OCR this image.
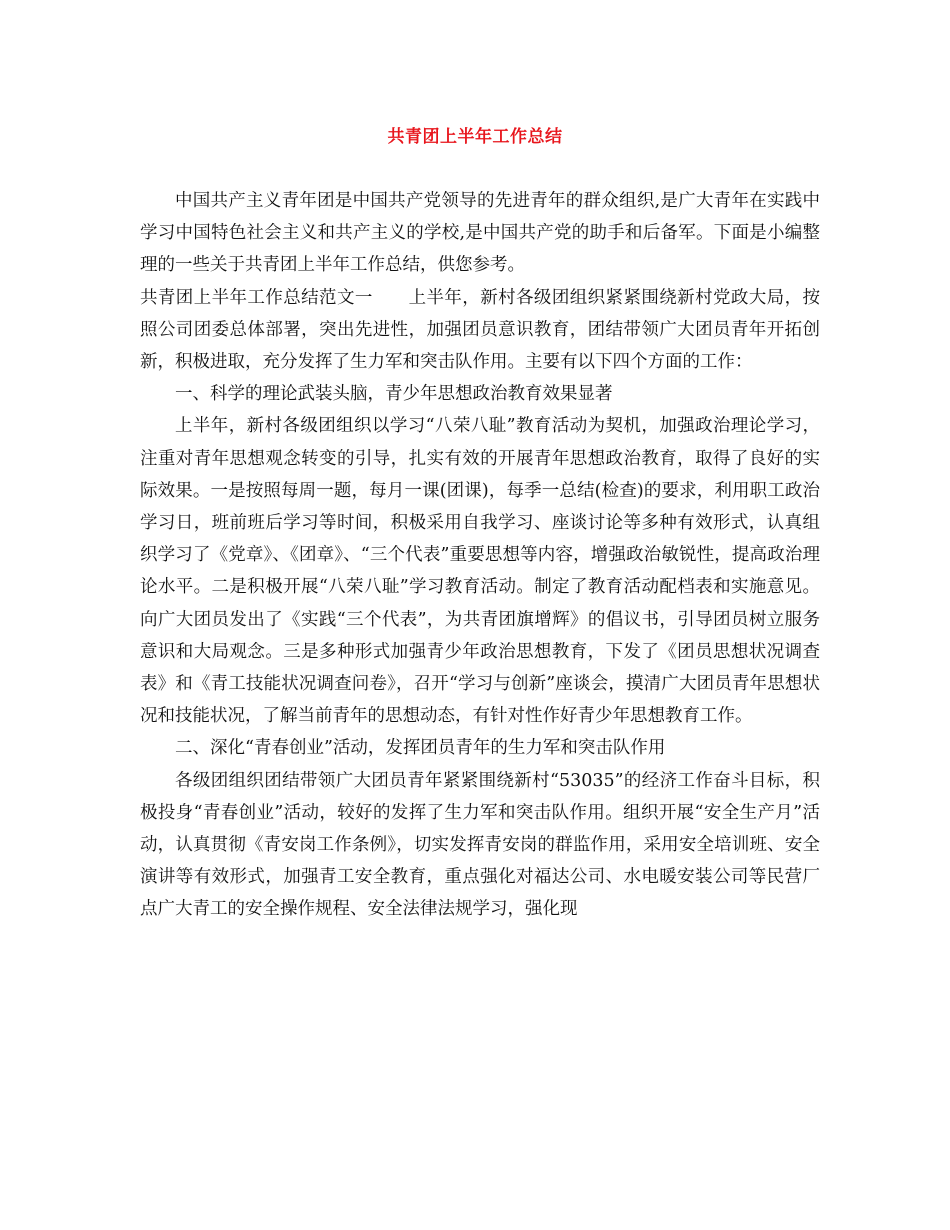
共青团上半年工作总结

中国共产主义青年团是中国共产党领导的先进青年的群众组织,是广大青年在实践中学习中国特色社会主义和共产主义的学校,是中国共产党的助手和后备军。下面是小编整理的一些关于共青团上半年工作总结，供您参考。

共青团上半年工作总结范文一　　上半年，新村各级团组织紧紧围绕新村党政大局，按照公司团委总体部署，突出先进性，加强团员意识教育，团结带领广大团员青年开拓创新，积极进取，充分发挥了生力军和突击队作用。主要有以下四个方面的工作：

一、科学的理论武装头脑，青少年思想政治教育效果显著

上半年，新村各级团组织以学习“八荣八耻”教育活动为契机，加强政治理论学习，注重对青年思想观念转变的引导，扎实有效的开展青年思想政治教育，取得了良好的实际效果。一是按照每周一题，每月一课(团课)，每季一总结(检查)的要求，利用职工政治学习日，班前班后学习等时间，积极采用自我学习、座谈讨论等多种有效形式，认真组织学习了《党章》、《团章》、“三个代表”重要思想等内容，增强政治敏锐性，提高政治理论水平。二是积极开展“八荣八耻”学习教育活动。制定了教育活动配档表和实施意见。向广大团员发出了《实践“三个代表”，为共青团旗增辉》的倡议书，引导团员树立服务意识和大局观念。三是多种形式加强青少年政治思想教育，下发了《团员思想状况调查表》和《青工技能状况调查问卷》，召开“学习与创新”座谈会，摸清广大团员青年思想状况和技能状况，了解当前青年的思想动态，有针对性作好青少年思想教育工作。

二、深化“青春创业”活动，发挥团员青年的生力军和突击队作用

各级团组织团结带领广大团员青年紧紧围绕新村“53035”的经济工作奋斗目标，积极投身“青春创业”活动，较好的发挥了生力军和突击队作用。组织开展“安全生产月”活动，认真贯彻《青安岗工作条例》，切实发挥青安岗的群监作用，采用安全培训班、安全演讲等有效形式，加强青工安全教育，重点强化对福达公司、水电暖安装公司等民营厂点广大青工的安全操作规程、安全法律法规学习，强化现
